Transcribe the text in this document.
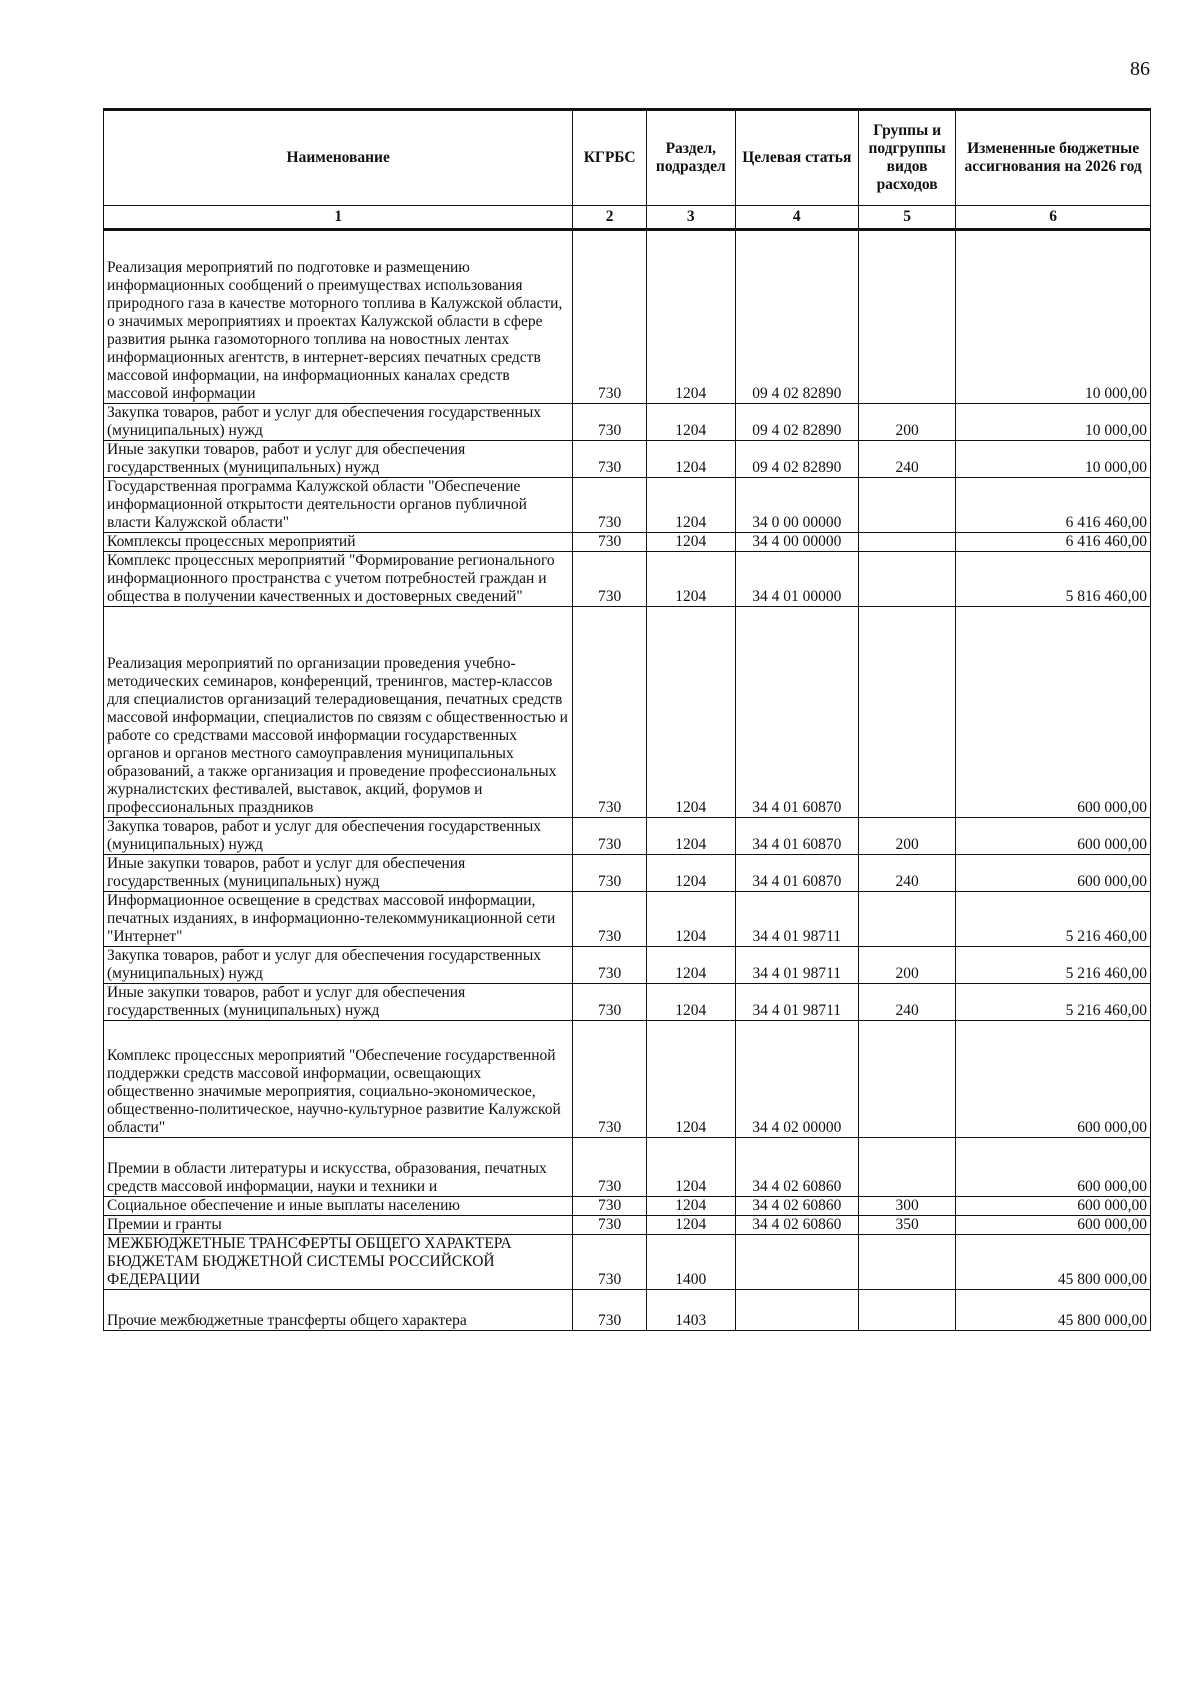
86
Наименование	КГРБС	Раздел, подраздел	Целевая статья	Группы и подгруппы видов расходов	Измененные бюджетные ассигнования на 2026 год
1	2	3	4	5	6
Реализация мероприятий по подготовке и размещению информационных сообщений о преимуществах использования природного газа в качестве моторного топлива в Калужской области, о значимых мероприятиях и проектах Калужской области в сфере развития рынка газомоторного топлива на новостных лентах информационных агентств, в интернет-версиях печатных средств массовой информации, на информационных каналах средств массовой информации	730	1204	09 4 02 82890		10 000,00
Закупка товаров, работ и услуг для обеспечения государственных (муниципальных) нужд	730	1204	09 4 02 82890	200	10 000,00
Иные закупки товаров, работ и услуг для обеспечения государственных (муниципальных) нужд	730	1204	09 4 02 82890	240	10 000,00
Государственная программа Калужской области "Обеспечение информационной открытости деятельности органов публичной власти Калужской области"	730	1204	34 0 00 00000		6 416 460,00
Комплексы процессных мероприятий	730	1204	34 4 00 00000		6 416 460,00
Комплекс процессных мероприятий "Формирование регионального информационного пространства с учетом потребностей граждан и общества в получении качественных и достоверных сведений"	730	1204	34 4 01 00000		5 816 460,00
Реализация мероприятий по организации проведения учебно-методических семинаров, конференций, тренингов, мастер-классов для специалистов организаций телерадиовещания, печатных средств массовой информации, специалистов по связям с общественностью и работе со средствами массовой информации государственных органов и органов местного самоуправления муниципальных образований, а также организация и проведение профессиональных журналистских фестивалей, выставок, акций, форумов и профессиональных праздников	730	1204	34 4 01 60870		600 000,00
Закупка товаров, работ и услуг для обеспечения государственных (муниципальных) нужд	730	1204	34 4 01 60870	200	600 000,00
Иные закупки товаров, работ и услуг для обеспечения государственных (муниципальных) нужд	730	1204	34 4 01 60870	240	600 000,00
Информационное освещение в средствах массовой информации, печатных изданиях, в информационно-телекоммуникационной сети "Интернет"	730	1204	34 4 01 98711		5 216 460,00
Закупка товаров, работ и услуг для обеспечения государственных (муниципальных) нужд	730	1204	34 4 01 98711	200	5 216 460,00
Иные закупки товаров, работ и услуг для обеспечения государственных (муниципальных) нужд	730	1204	34 4 01 98711	240	5 216 460,00
Комплекс процессных мероприятий "Обеспечение государственной поддержки средств массовой информации, освещающих общественно значимые мероприятия, социально-экономическое, общественно-политическое, научно-культурное развитие Калужской области"	730	1204	34 4 02 00000		600 000,00
Премии в области литературы и искусства, образования, печатных средств массовой информации, науки и техники и	730	1204	34 4 02 60860		600 000,00
Социальное обеспечение и иные выплаты населению	730	1204	34 4 02 60860	300	600 000,00
Премии и гранты	730	1204	34 4 02 60860	350	600 000,00
МЕЖБЮДЖЕТНЫЕ ТРАНСФЕРТЫ ОБЩЕГО ХАРАКТЕРА БЮДЖЕТАМ БЮДЖЕТНОЙ СИСТЕМЫ РОССИЙСКОЙ ФЕДЕРАЦИИ	730	1400			45 800 000,00
Прочие межбюджетные трансферты общего характера	730	1403			45 800 000,00
